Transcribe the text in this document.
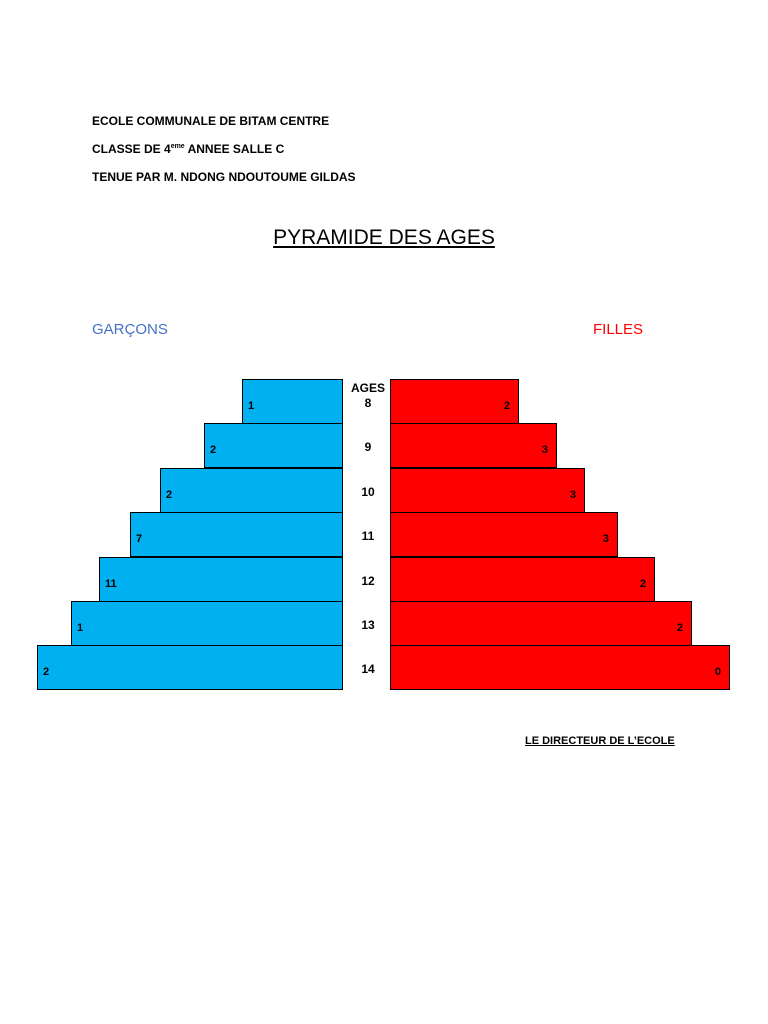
ECOLE COMMUNALE DE BITAM CENTRE
CLASSE DE 4eme ANNEE SALLE C
TENUE PAR M. NDONG NDOUTOUME GILDAS
PYRAMIDE DES AGES
GARÇONS	FILLES
AGES
1	2
8
2	3
9
2	3
10
7	3
11
11	2
12
1	2
13
2	0
14
LE DIRECTEUR DE L’ECOLE
